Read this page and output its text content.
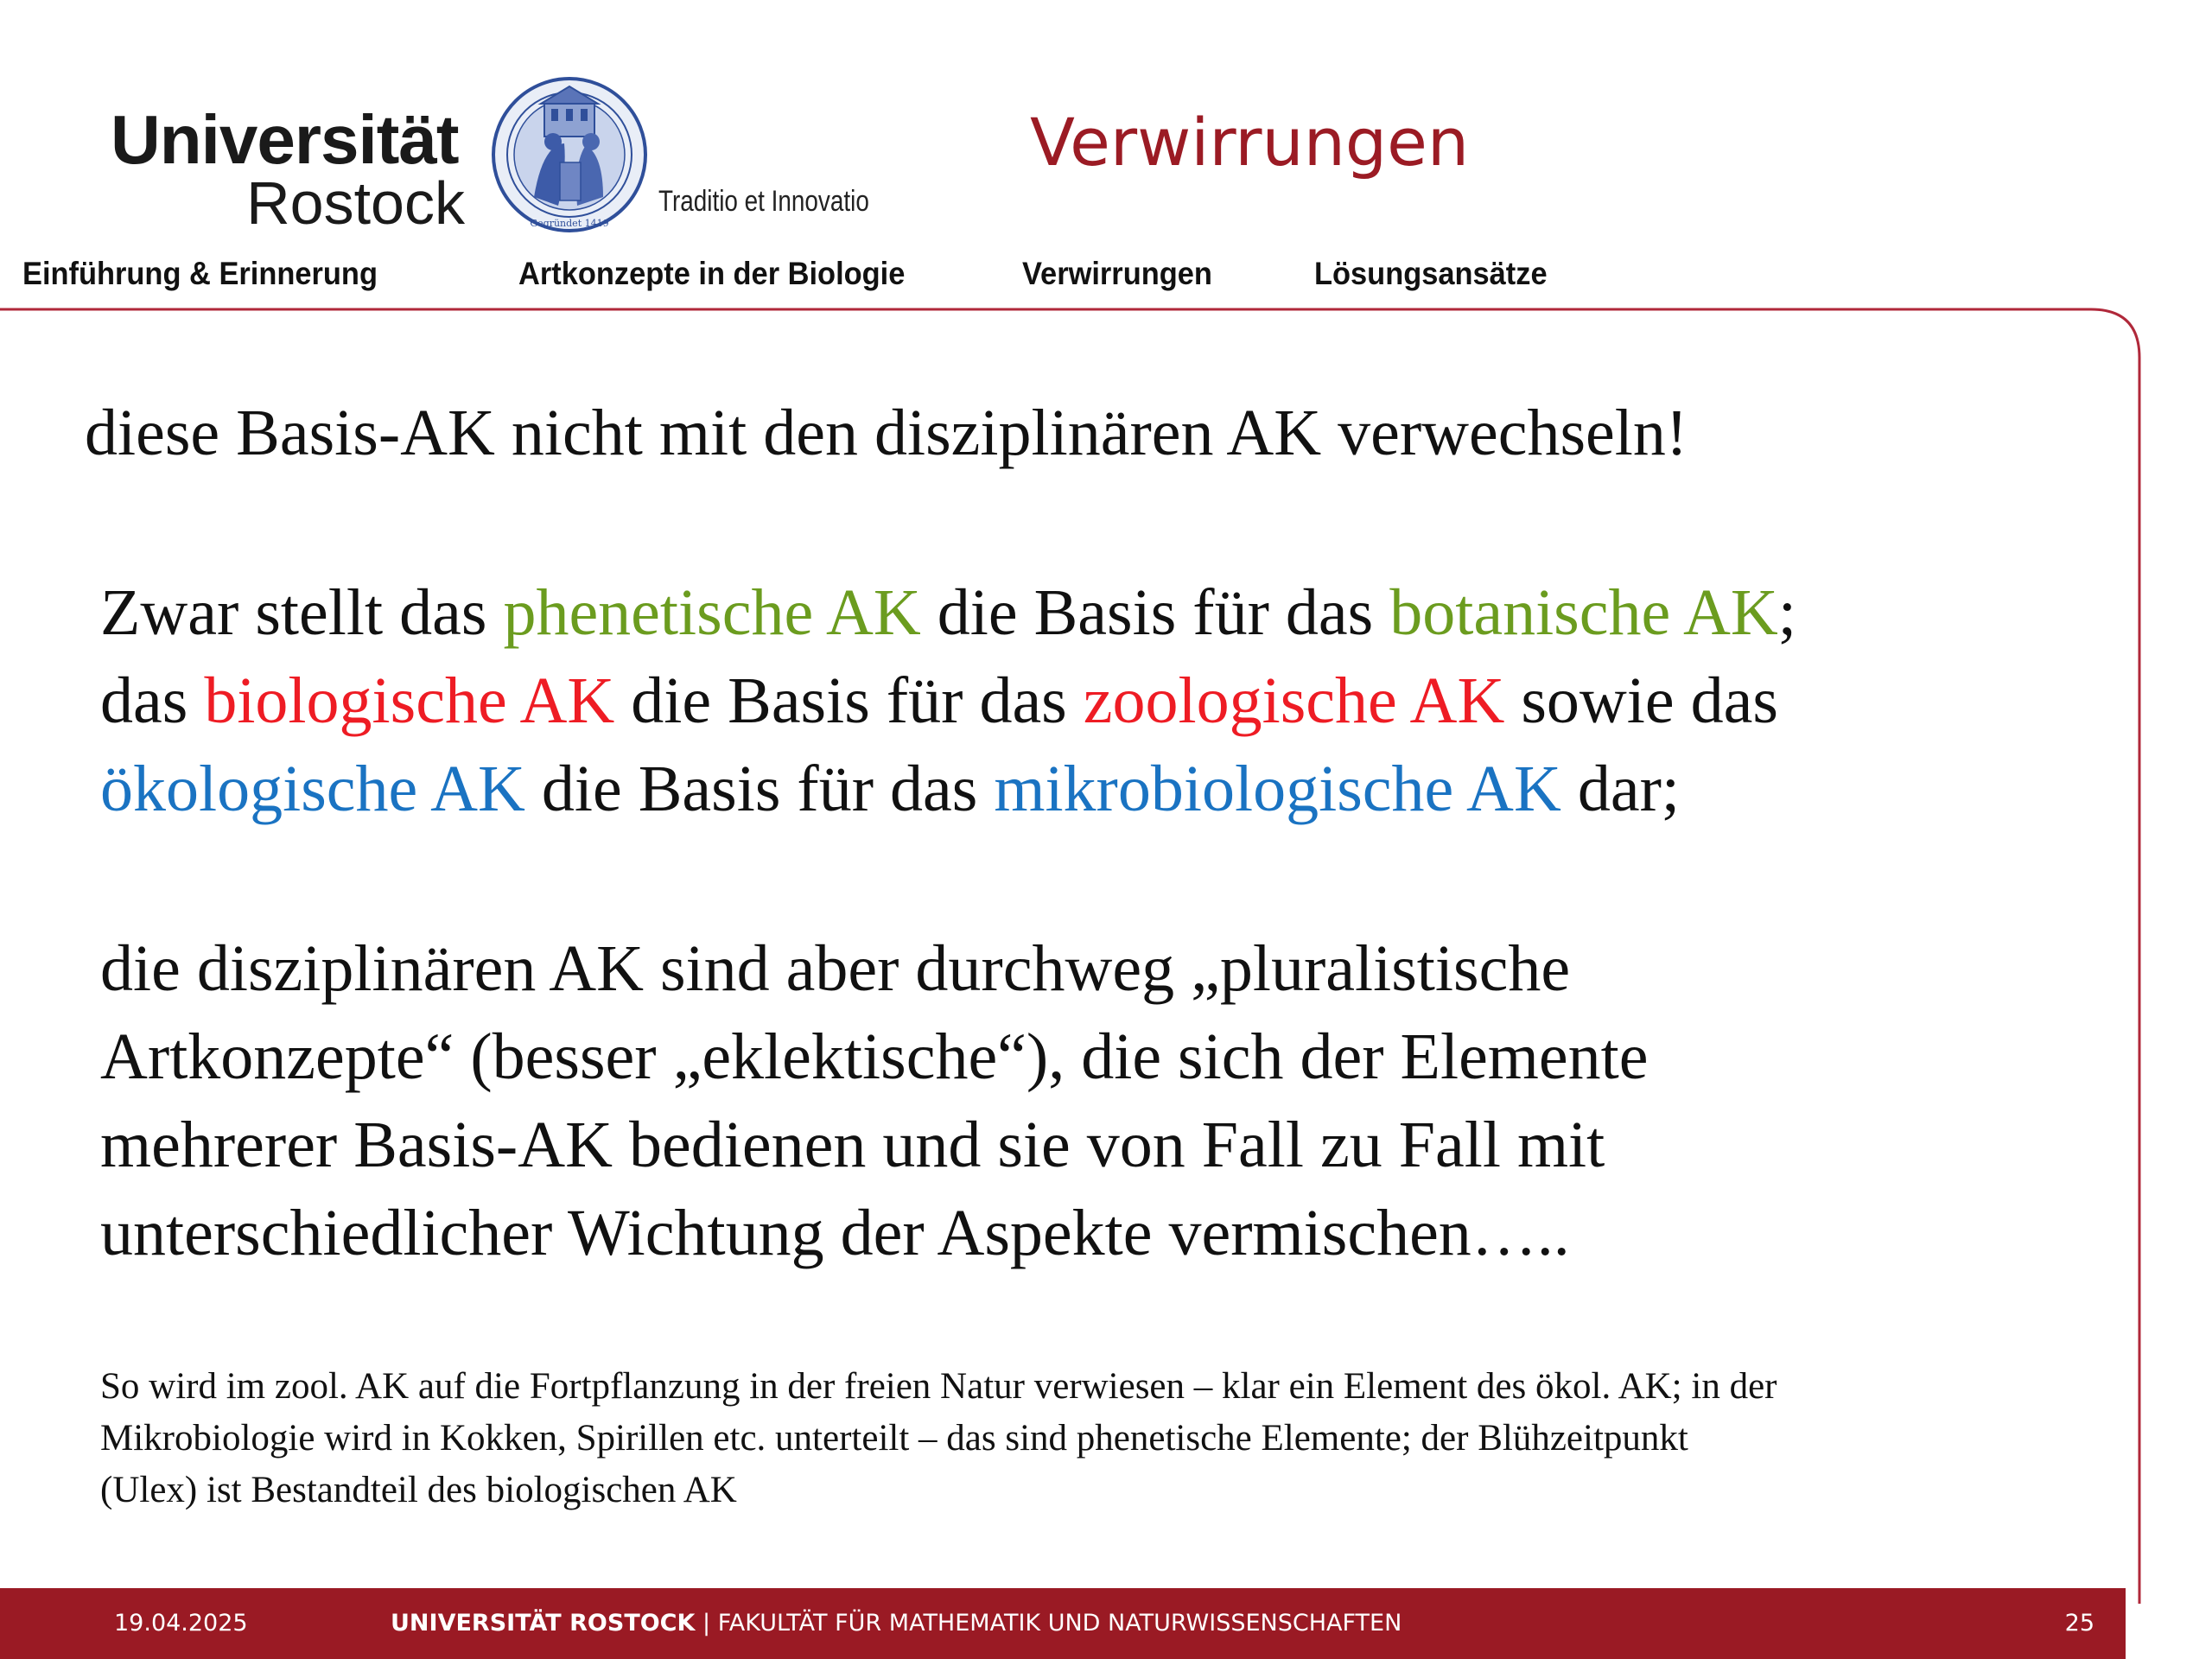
Universität
Rostock	Gegründet 1419
Traditio et Innovatio
Verwirrungen
Einführung & Erinnerung	Artkonzepte in der Biologie	Verwirrungen	Lösungsansätze
diese Basis-AK nicht mit den disziplinären AK verwechseln!
Zwar stellt das phenetische AK die Basis für das botanische AK;
das biologische AK die Basis für das zoologische AK sowie das
ökologische AK die Basis für das mikrobiologische AK dar;
die disziplinären AK sind aber durchweg „pluralistische
Artkonzepte“ (besser „eklektische“), die sich der Elemente
mehrerer Basis-AK bedienen und sie von Fall zu Fall mit
unterschiedlicher Wichtung der Aspekte vermischen…..
So wird im zool. AK auf die Fortpflanzung in der freien Natur verwiesen – klar ein Element des ökol. AK; in der
Mikrobiologie wird in Kokken, Spirillen etc. unterteilt – das sind phenetische Elemente; der Blühzeitpunkt
(Ulex) ist Bestandteil des biologischen AK
19.04.2025	UNIVERSITÄT ROSTOCK | FAKULTÄT FÜR MATHEMATIK UND NATURWISSENSCHAFTEN	25
